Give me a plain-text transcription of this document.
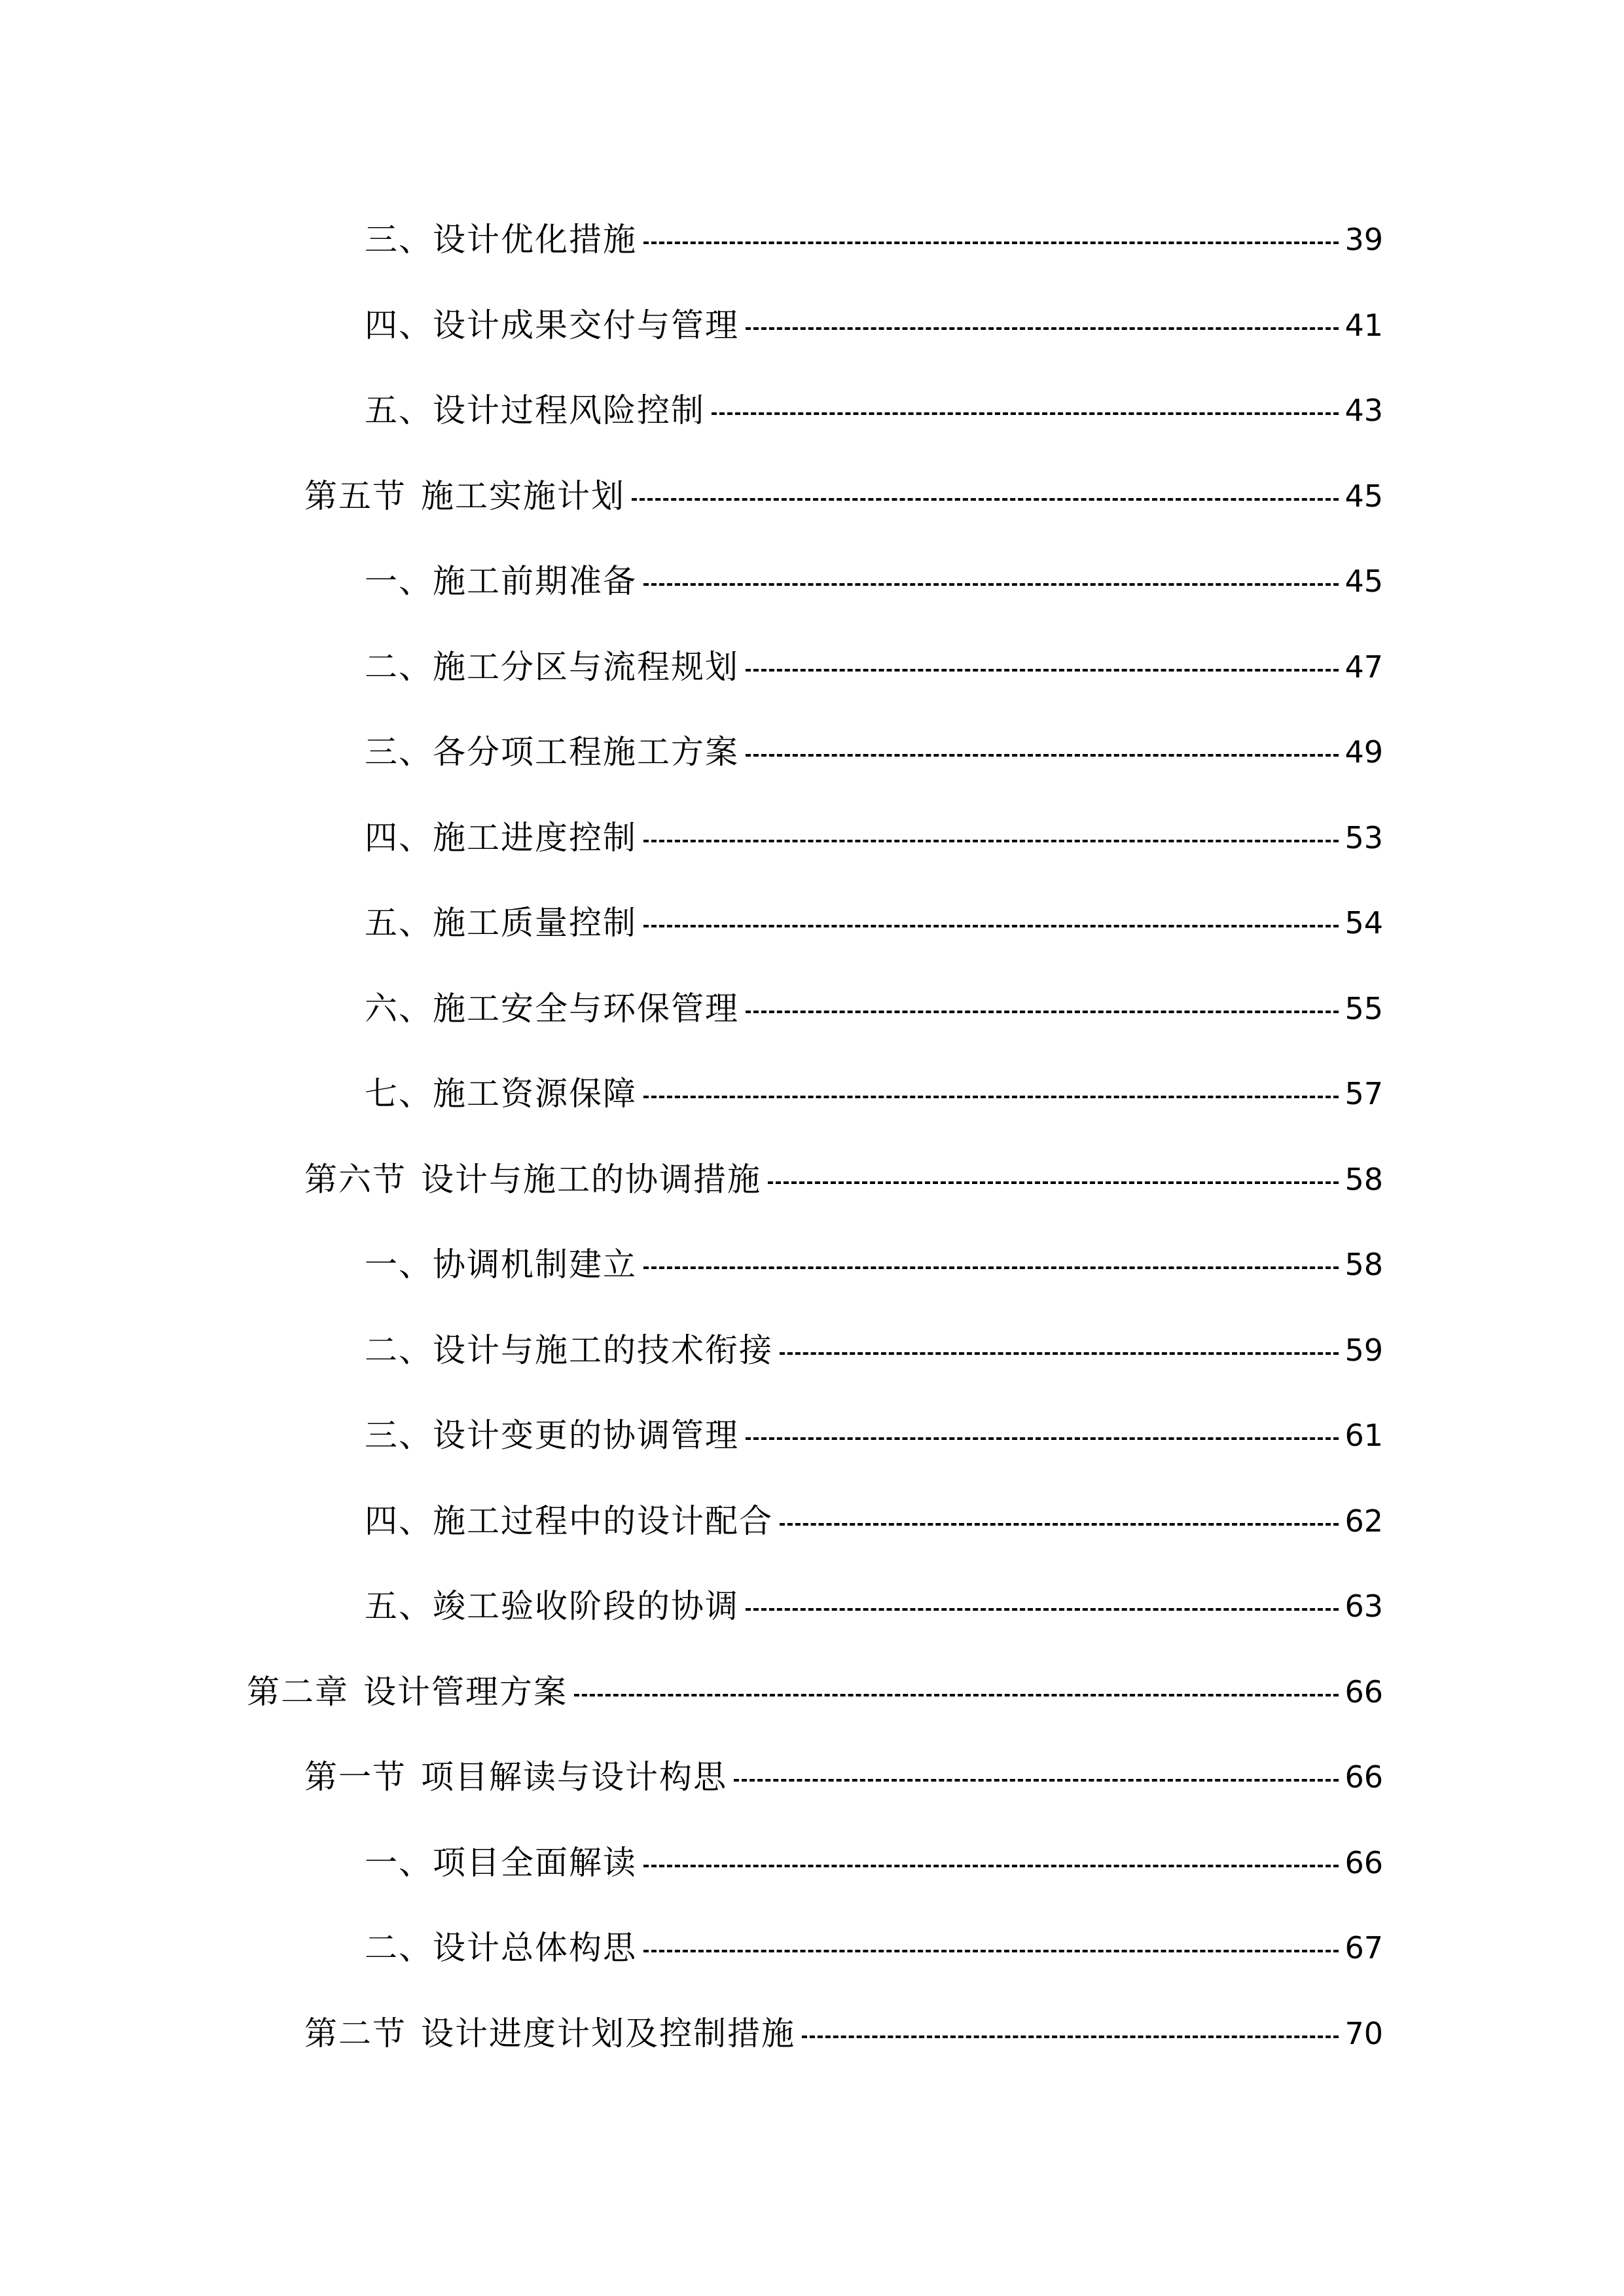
三、设计优化措施	39
四、设计成果交付与管理	41
五、设计过程风险控制	43
第五节 施工实施计划	45
一、施工前期准备	45
二、施工分区与流程规划	47
三、各分项工程施工方案	49
四、施工进度控制	53
五、施工质量控制	54
六、施工安全与环保管理	55
七、施工资源保障	57
第六节 设计与施工的协调措施	58
一、协调机制建立	58
二、设计与施工的技术衔接	59
三、设计变更的协调管理	61
四、施工过程中的设计配合	62
五、竣工验收阶段的协调	63
第二章 设计管理方案	66
第一节 项目解读与设计构思	66
一、项目全面解读	66
二、设计总体构思	67
第二节 设计进度计划及控制措施	70
